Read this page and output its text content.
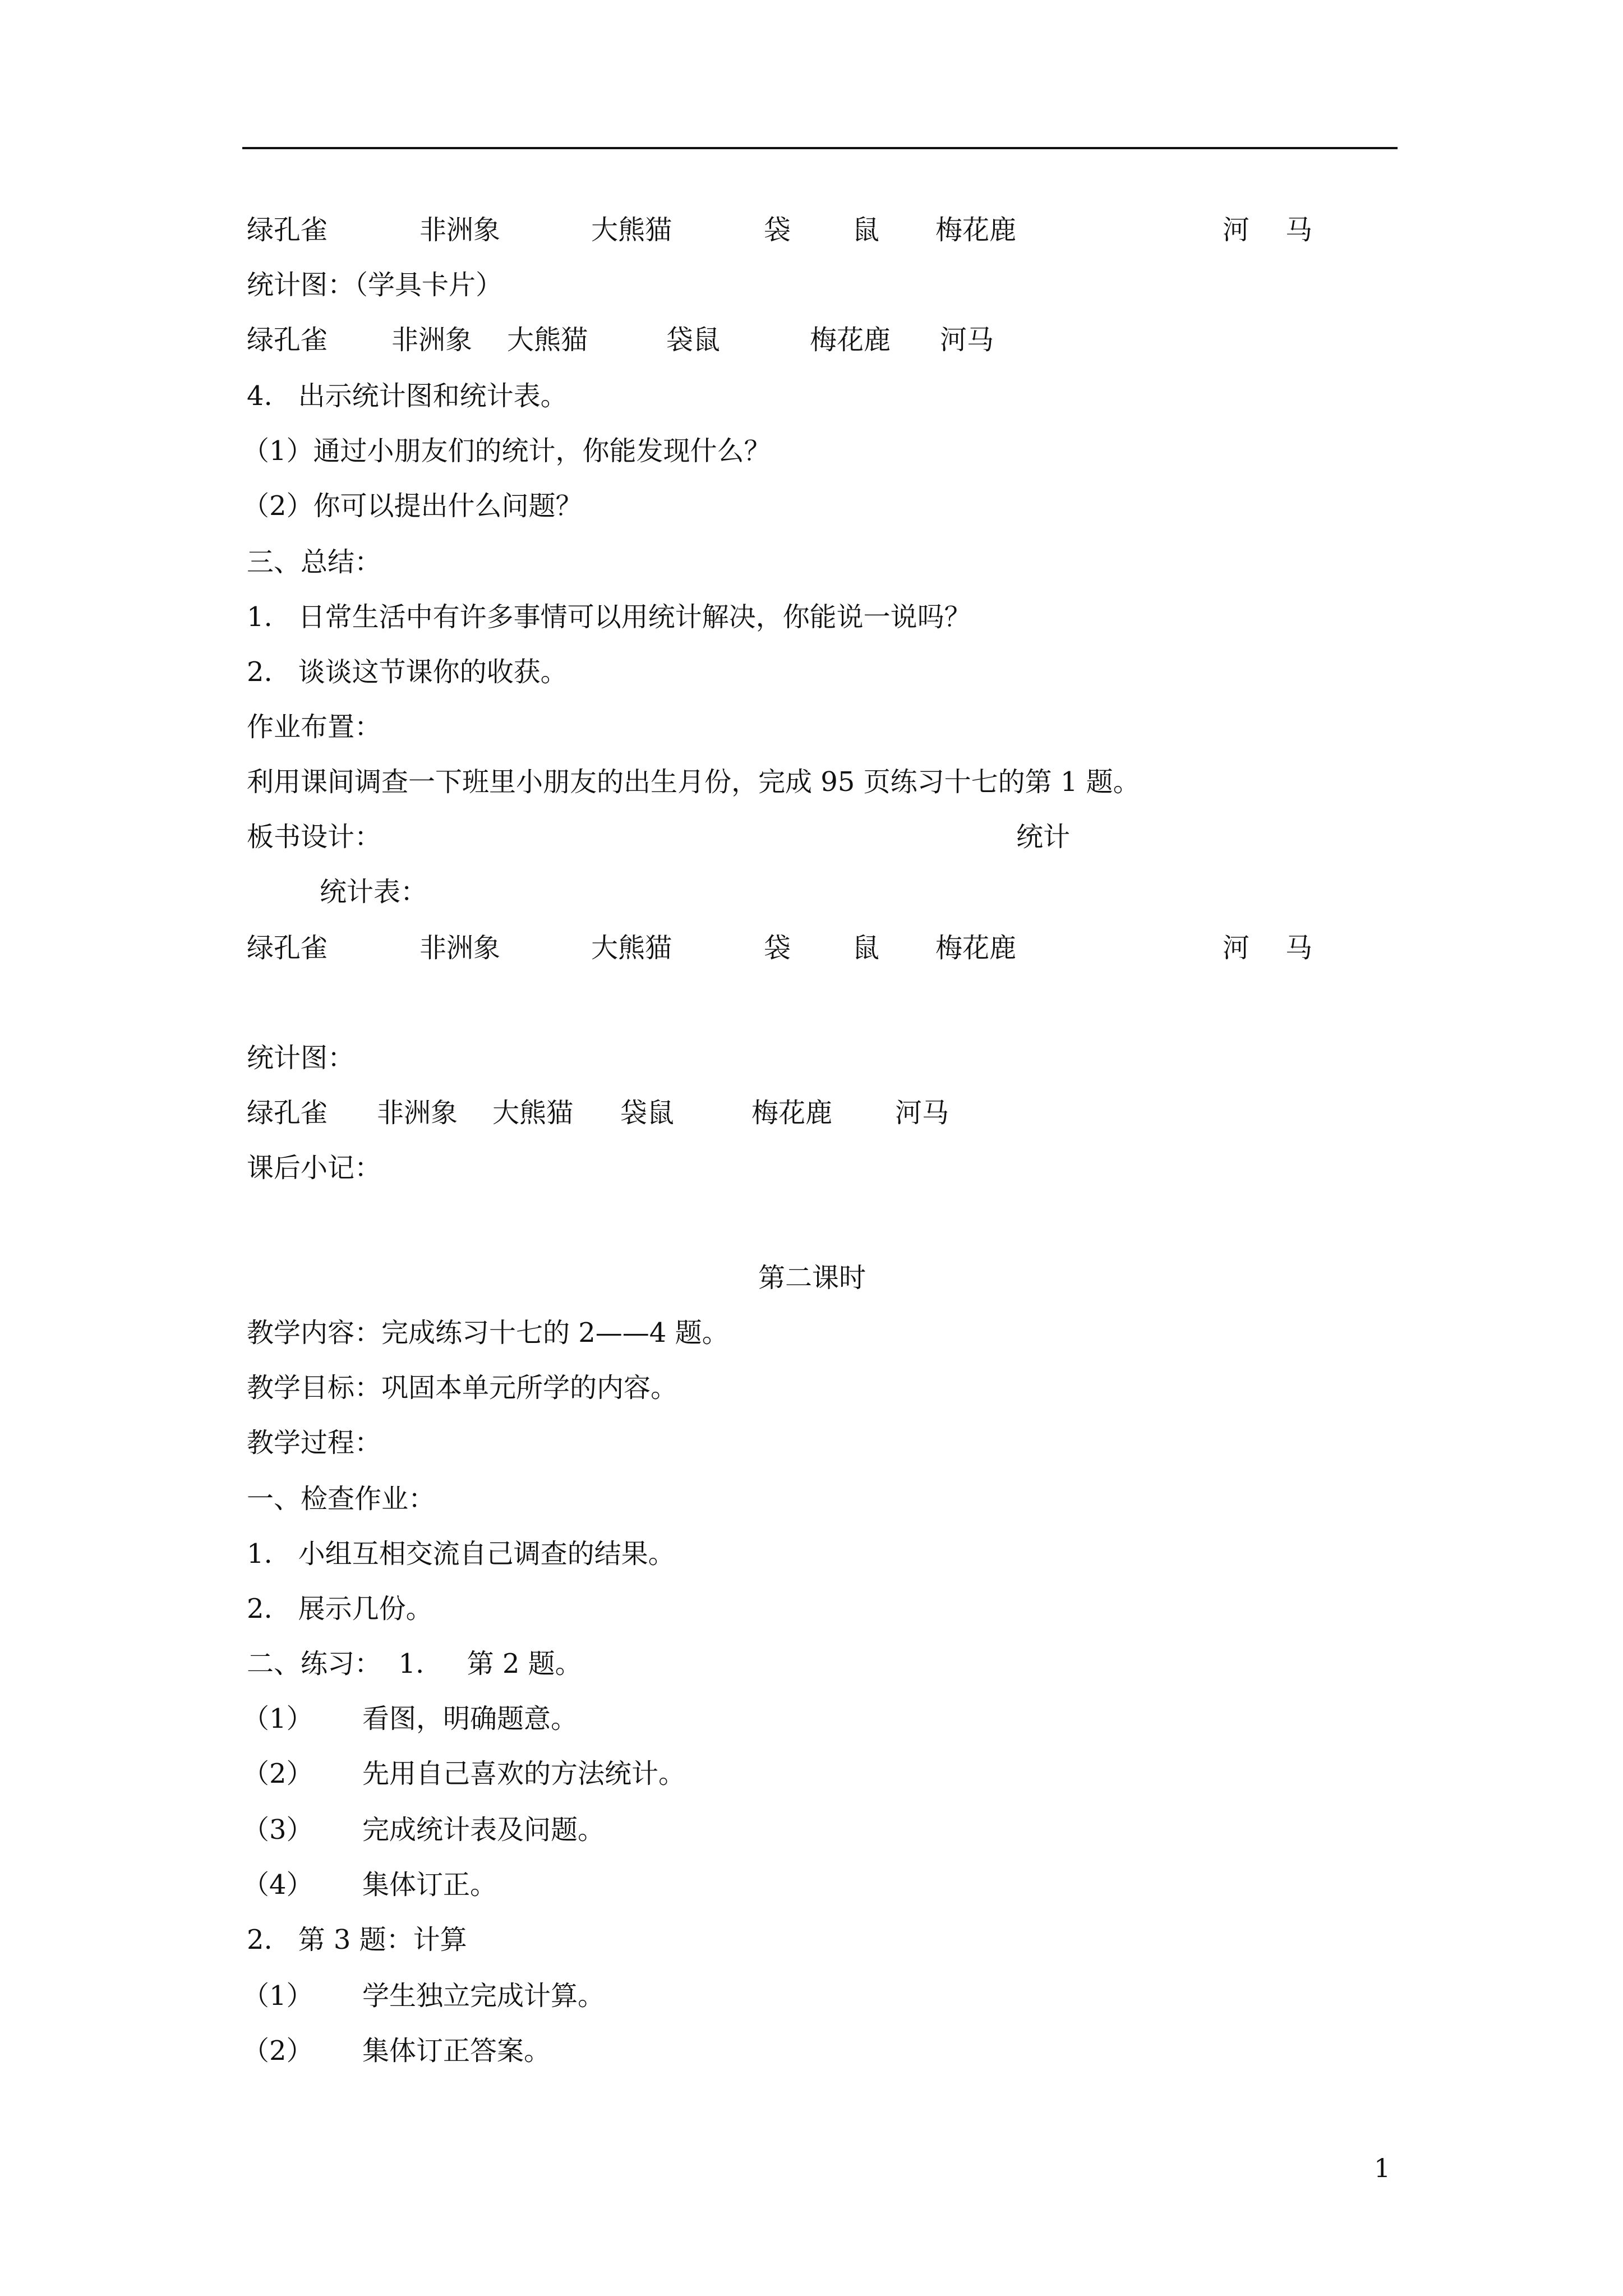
绿孔雀	非洲象	大熊猫	袋 鼠 梅花鹿	河 马
统计图：（学具卡片）
绿孔雀 非洲象 大熊猫	袋鼠	梅花鹿 河马
4.   出示统计图和统计表。
（1）通过小朋友们的统计，你能发现什么？
（2）你可以提出什么问题？
三、总结：
1.   日常生活中有许多事情可以用统计解决，你能说一说吗？
2.   谈谈这节课你的收获。
作业布置：
利用课间调查一下班里小朋友的出生月份，完成 95 页练习十七的第 1 题。
板书设计：	统计
统计表：
绿孔雀	非洲象	大熊猫	袋 鼠 梅花鹿	河 马
统计图：
绿孔雀 非洲象 大熊猫 袋鼠	梅花鹿 河马
课后小记：
第二课时
教学内容：完成练习十七的 2——4 题。
教学目标：巩固本单元所学的内容。
教学过程：
一、检查作业：
1.   小组互相交流自己调查的结果。
2.   展示几份。
二、练习：  1.     第 2 题。
（1） 看图，明确题意。
（2） 先用自己喜欢的方法统计。
（3） 完成统计表及问题。
（4） 集体订正。
2.   第 3 题：计算
（1） 学生独立完成计算。
（2） 集体订正答案。
1
